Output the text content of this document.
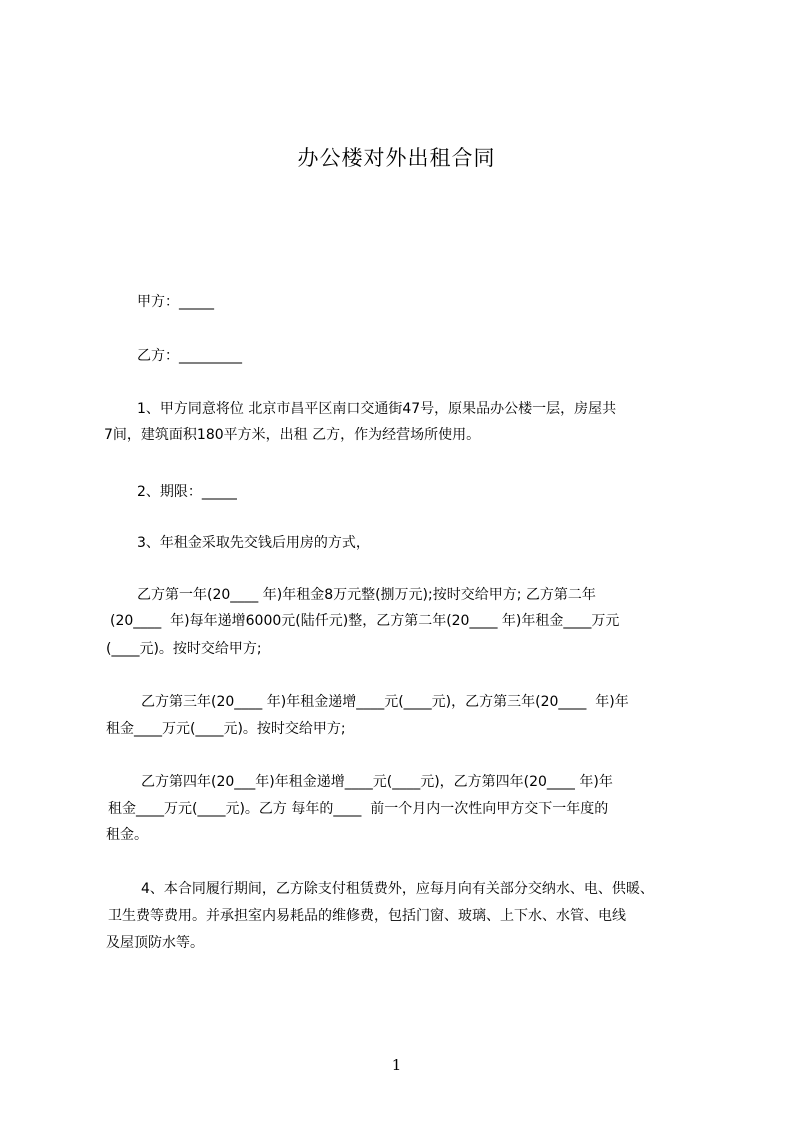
办公楼对外出租合同
甲方：_____
乙方：_________
1、甲方同意将位 北京市昌平区南口交通街47号，原果品办公楼一层，房屋共
7间，建筑面积180平方米，出租 乙方，作为经营场所使用。
2、期限：_____
3、年租金采取先交钱后用房的方式，
乙方第一年(20____ 年)年租金8万元整(捌万元);按时交给甲方; 乙方第二年
(20____  年)每年递增6000元(陆仟元)整，乙方第二年(20____ 年)年租金____万元
(____元)。按时交给甲方;
乙方第三年(20____ 年)年租金递增____元(____元)，乙方第三年(20____  年)年
租金____万元(____元)。按时交给甲方;
乙方第四年(20___年)年租金递增____元(____元)，乙方第四年(20____ 年)年
租金____万元(____元)。乙方 每年的____  前一个月内一次性向甲方交下一年度的
租金。
4、本合同履行期间，乙方除支付租赁费外，应每月向有关部分交纳水、电、供暖、
卫生费等费用。并承担室内易耗品的维修费，包括门窗、玻璃、上下水、水管、电线
及屋顶防水等。
1
